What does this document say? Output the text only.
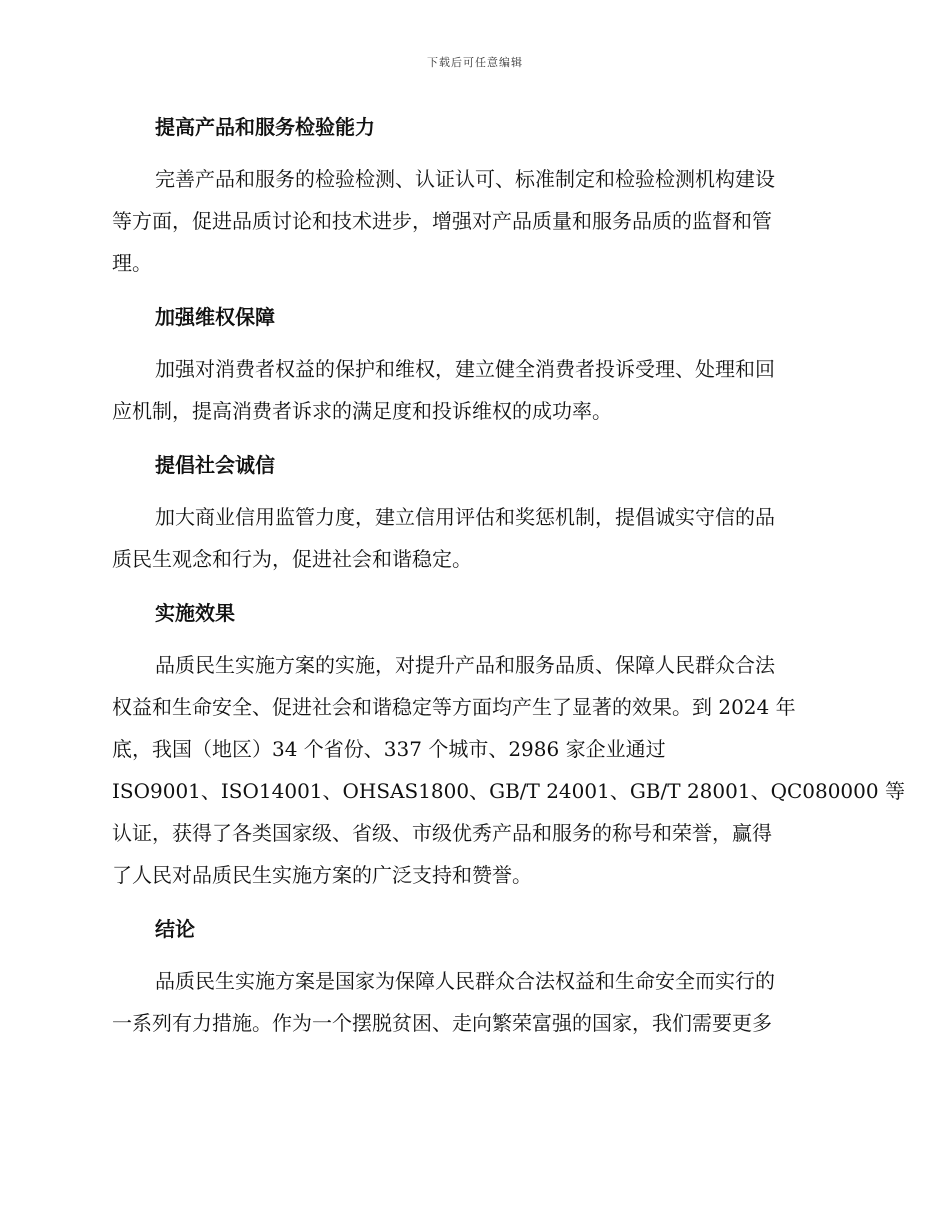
下载后可任意编辑
提高产品和服务检验能力

完善产品和服务的检验检测、认证认可、标准制定和检验检测机构建设
等方面，促进品质讨论和技术进步，增强对产品质量和服务品质的监督和管
理。

加强维权保障

加强对消费者权益的保护和维权，建立健全消费者投诉受理、处理和回
应机制，提高消费者诉求的满足度和投诉维权的成功率。

提倡社会诚信

加大商业信用监管力度，建立信用评估和奖惩机制，提倡诚实守信的品
质民生观念和行为，促进社会和谐稳定。

实施效果

品质民生实施方案的实施，对提升产品和服务品质、保障人民群众合法
权益和生命安全、促进社会和谐稳定等方面均产生了显著的效果。到 2024 年
底，我国（地区）34 个省份、337 个城市、2986 家企业通过
ISO9001、ISO14001、OHSAS1800、GB/T 24001、GB/T 28001、QC080000 等
认证，获得了各类国家级、省级、市级优秀产品和服务的称号和荣誉，赢得
了人民对品质民生实施方案的广泛支持和赞誉。

结论

品质民生实施方案是国家为保障人民群众合法权益和生命安全而实行的
一系列有力措施。作为一个摆脱贫困、走向繁荣富强的国家，我们需要更多
